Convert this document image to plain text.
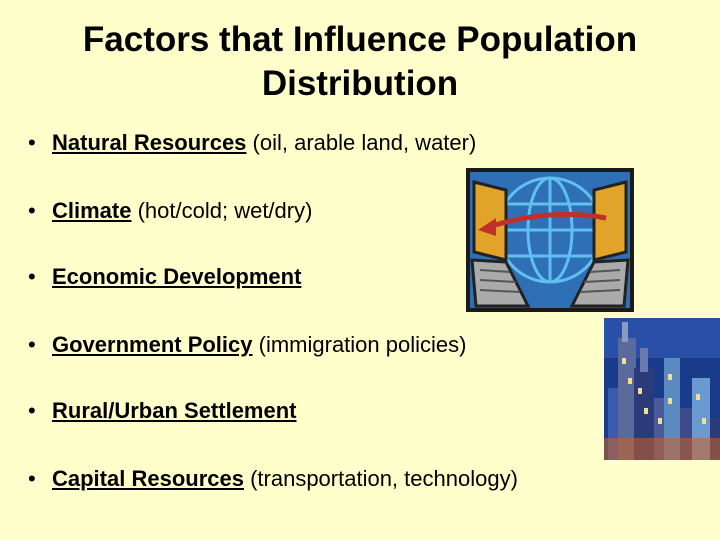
Factors that Influence Population
Distribution
• Natural Resources (oil, arable land, water)
• Climate (hot/cold; wet/dry)
• Economic Development
• Government Policy (immigration policies)
• Rural/Urban Settlement
• Capital Resources (transportation, technology)
